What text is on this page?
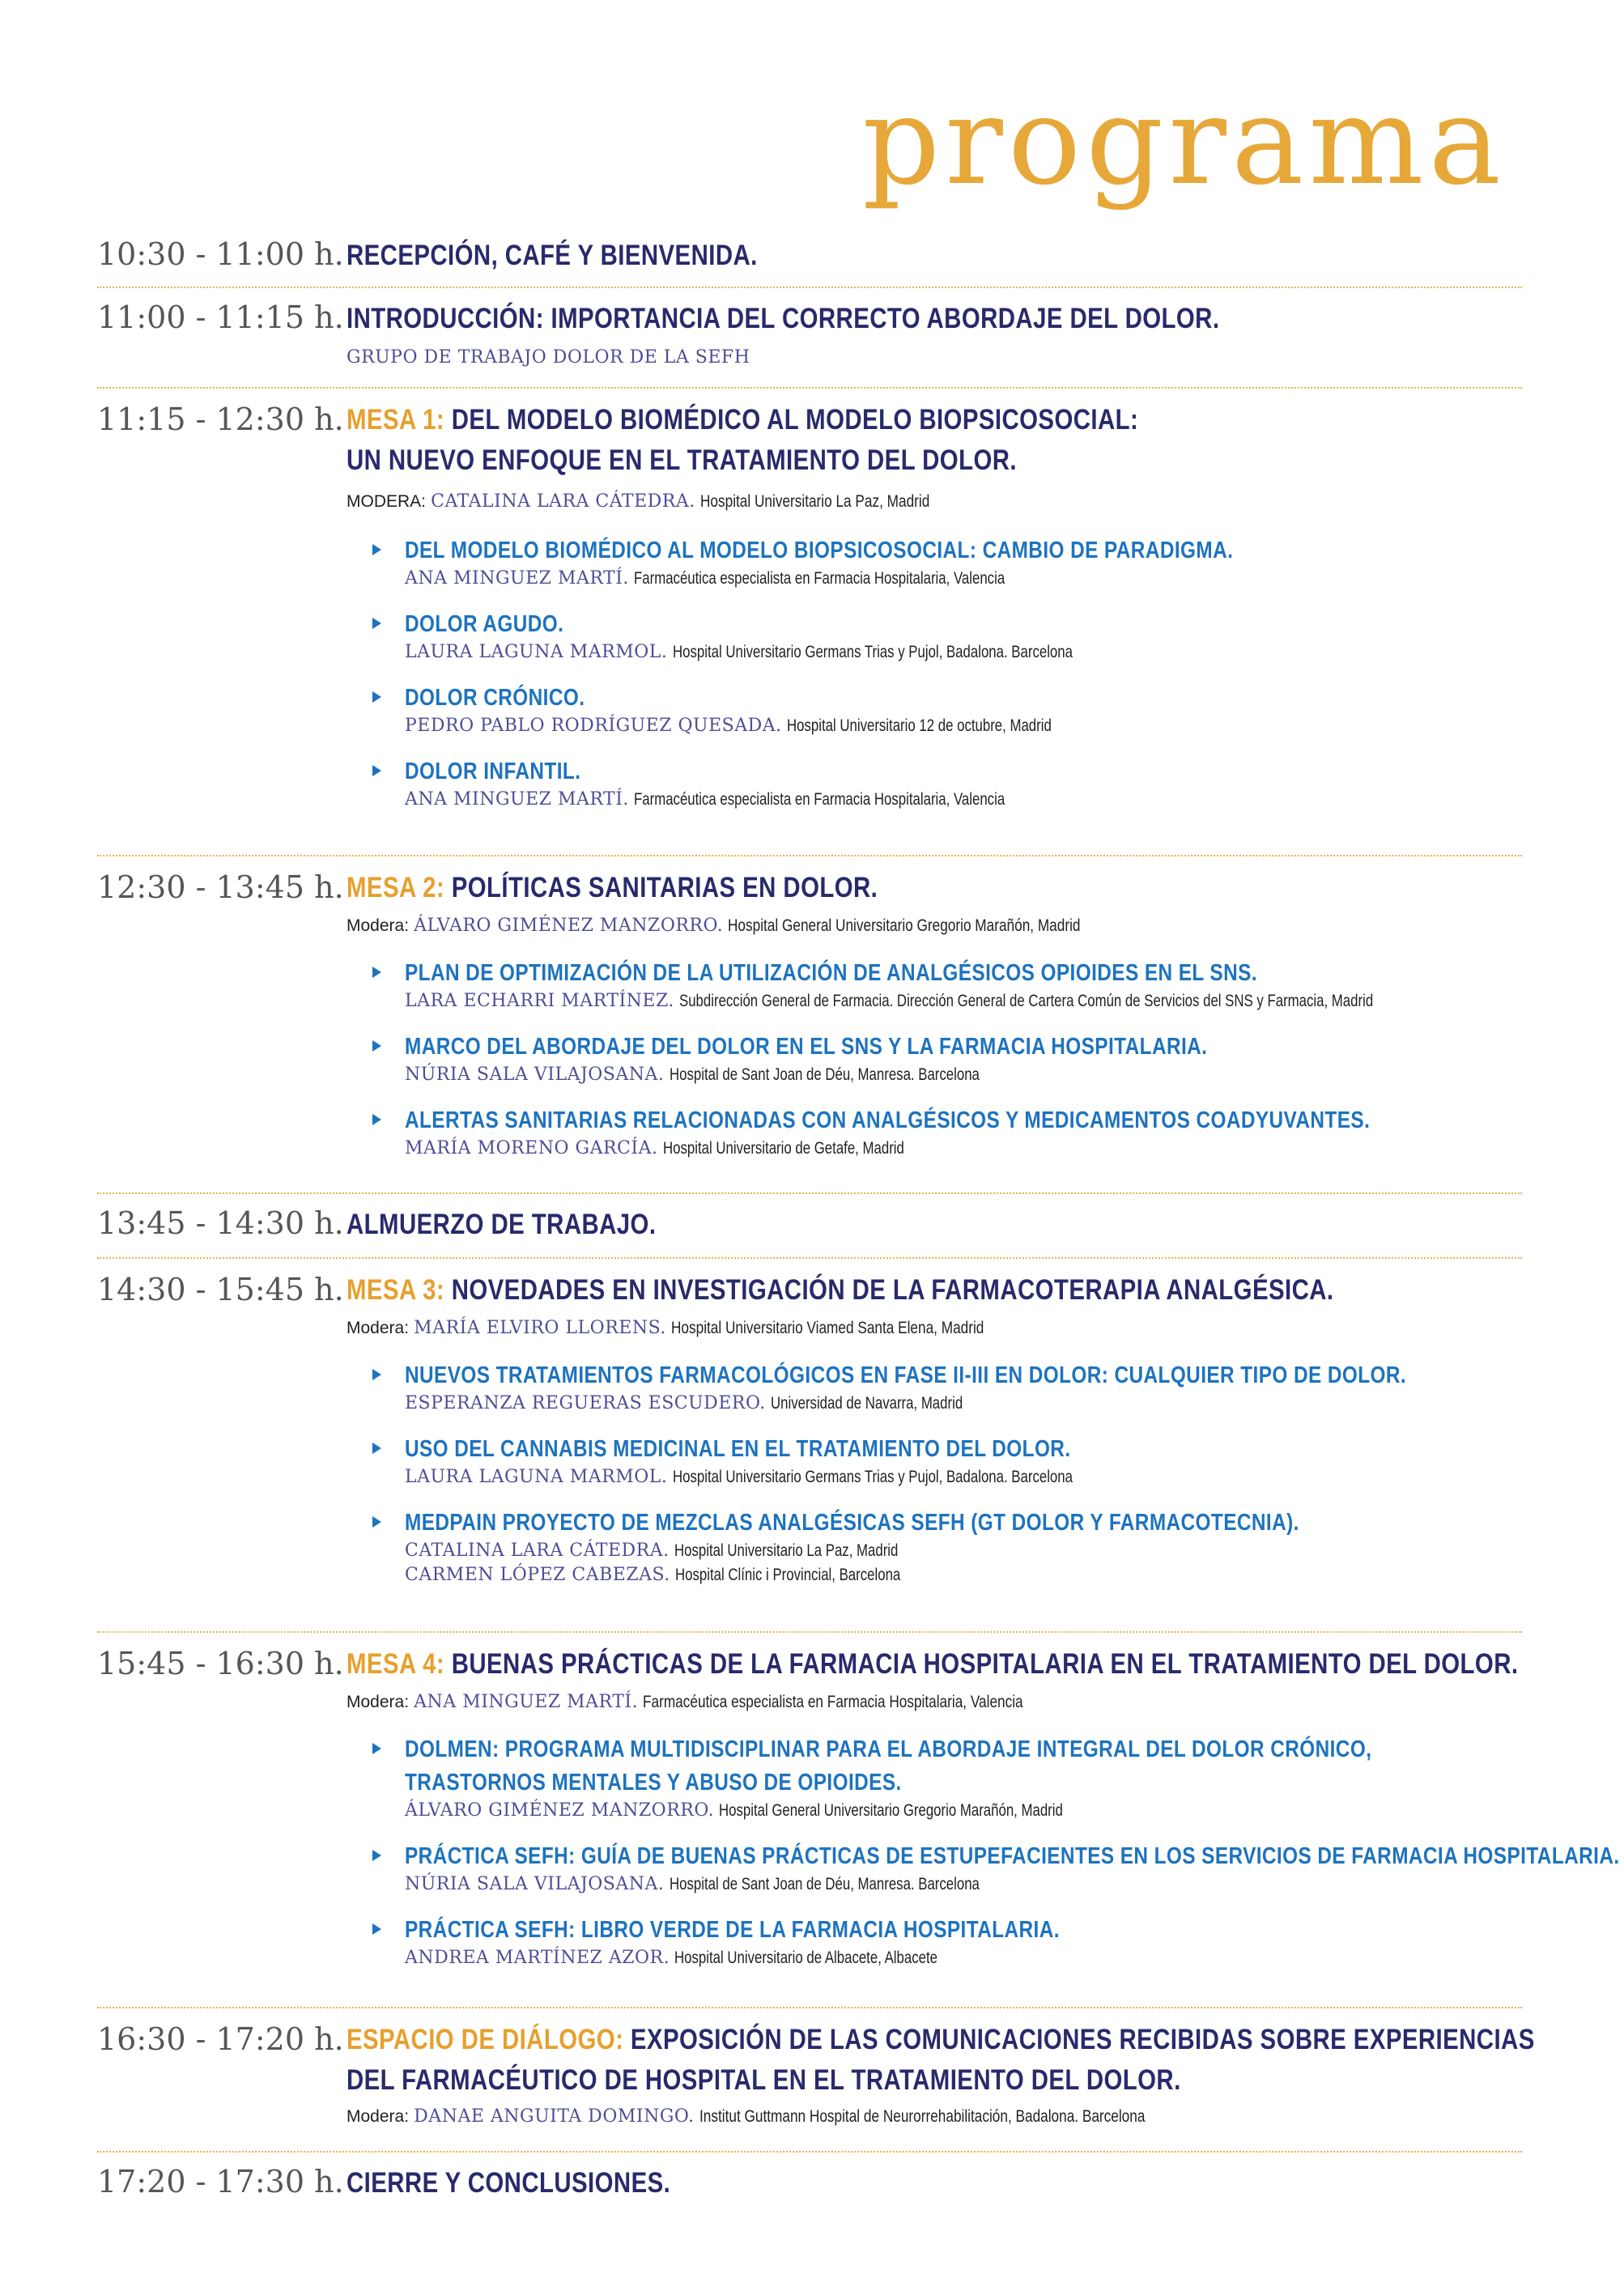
programa
10:30 - 11:00 h. RECEPCIÓN, CAFÉ Y BIENVENIDA.
11:00 - 11:15 h. INTRODUCCIÓN: IMPORTANCIA DEL CORRECTO ABORDAJE DEL DOLOR.
GRUPO DE TRABAJO DOLOR DE LA SEFH
11:15 - 12:30 h. MESA 1: DEL MODELO BIOMÉDICO AL MODELO BIOPSICOSOCIAL:
UN NUEVO ENFOQUE EN EL TRATAMIENTO DEL DOLOR.
MODERA: CATALINA LARA CÁTEDRA. Hospital Universitario La Paz, Madrid
DEL MODELO BIOMÉDICO AL MODELO BIOPSICOSOCIAL: CAMBIO DE PARADIGMA.
ANA MINGUEZ MARTÍ. Farmacéutica especialista en Farmacia Hospitalaria, Valencia
DOLOR AGUDO.
LAURA LAGUNA MARMOL. Hospital Universitario Germans Trias y Pujol, Badalona. Barcelona
DOLOR CRÓNICO.
PEDRO PABLO RODRÍGUEZ QUESADA. Hospital Universitario 12 de octubre, Madrid
DOLOR INFANTIL.
ANA MINGUEZ MARTÍ. Farmacéutica especialista en Farmacia Hospitalaria, Valencia
12:30 - 13:45 h. MESA 2: POLÍTICAS SANITARIAS EN DOLOR.
Modera: ÁLVARO GIMÉNEZ MANZORRO. Hospital General Universitario Gregorio Marañón, Madrid
PLAN DE OPTIMIZACIÓN DE LA UTILIZACIÓN DE ANALGÉSICOS OPIOIDES EN EL SNS.
LARA ECHARRI MARTÍNEZ. Subdirección General de Farmacia. Dirección General de Cartera Común de Servicios del SNS y Farmacia, Madrid
MARCO DEL ABORDAJE DEL DOLOR EN EL SNS Y LA FARMACIA HOSPITALARIA.
NÚRIA SALA VILAJOSANA. Hospital de Sant Joan de Déu, Manresa. Barcelona
ALERTAS SANITARIAS RELACIONADAS CON ANALGÉSICOS Y MEDICAMENTOS COADYUVANTES.
MARÍA MORENO GARCÍA. Hospital Universitario de Getafe, Madrid
13:45 - 14:30 h. ALMUERZO DE TRABAJO.
14:30 - 15:45 h. MESA 3: NOVEDADES EN INVESTIGACIÓN DE LA FARMACOTERAPIA ANALGÉSICA.
Modera: MARÍA ELVIRO LLORENS. Hospital Universitario Viamed Santa Elena, Madrid
NUEVOS TRATAMIENTOS FARMACOLÓGICOS EN FASE II-III EN DOLOR: CUALQUIER TIPO DE DOLOR.
ESPERANZA REGUERAS ESCUDERO. Universidad de Navarra, Madrid
USO DEL CANNABIS MEDICINAL EN EL TRATAMIENTO DEL DOLOR.
LAURA LAGUNA MARMOL. Hospital Universitario Germans Trias y Pujol, Badalona. Barcelona
MEDPAIN PROYECTO DE MEZCLAS ANALGÉSICAS SEFH (GT DOLOR Y FARMACOTECNIA).
CATALINA LARA CÁTEDRA. Hospital Universitario La Paz, Madrid
CARMEN LÓPEZ CABEZAS. Hospital Clínic i Provincial, Barcelona
15:45 - 16:30 h. MESA 4: BUENAS PRÁCTICAS DE LA FARMACIA HOSPITALARIA EN EL TRATAMIENTO DEL DOLOR.
Modera: ANA MINGUEZ MARTÍ. Farmacéutica especialista en Farmacia Hospitalaria, Valencia
DOLMEN: PROGRAMA MULTIDISCIPLINAR PARA EL ABORDAJE INTEGRAL DEL DOLOR CRÓNICO,
TRASTORNOS MENTALES Y ABUSO DE OPIOIDES.
ÁLVARO GIMÉNEZ MANZORRO. Hospital General Universitario Gregorio Marañón, Madrid
PRÁCTICA SEFH: GUÍA DE BUENAS PRÁCTICAS DE ESTUPEFACIENTES EN LOS SERVICIOS DE FARMACIA HOSPITALARIA.
NÚRIA SALA VILAJOSANA. Hospital de Sant Joan de Déu, Manresa. Barcelona
PRÁCTICA SEFH: LIBRO VERDE DE LA FARMACIA HOSPITALARIA.
ANDREA MARTÍNEZ AZOR. Hospital Universitario de Albacete, Albacete
16:30 - 17:20 h. ESPACIO DE DIÁLOGO: EXPOSICIÓN DE LAS COMUNICACIONES RECIBIDAS SOBRE EXPERIENCIAS
DEL FARMACÉUTICO DE HOSPITAL EN EL TRATAMIENTO DEL DOLOR.
Modera: DANAE ANGUITA DOMINGO. Institut Guttmann Hospital de Neurorrehabilitación, Badalona. Barcelona
17:20 - 17:30 h. CIERRE Y CONCLUSIONES.
